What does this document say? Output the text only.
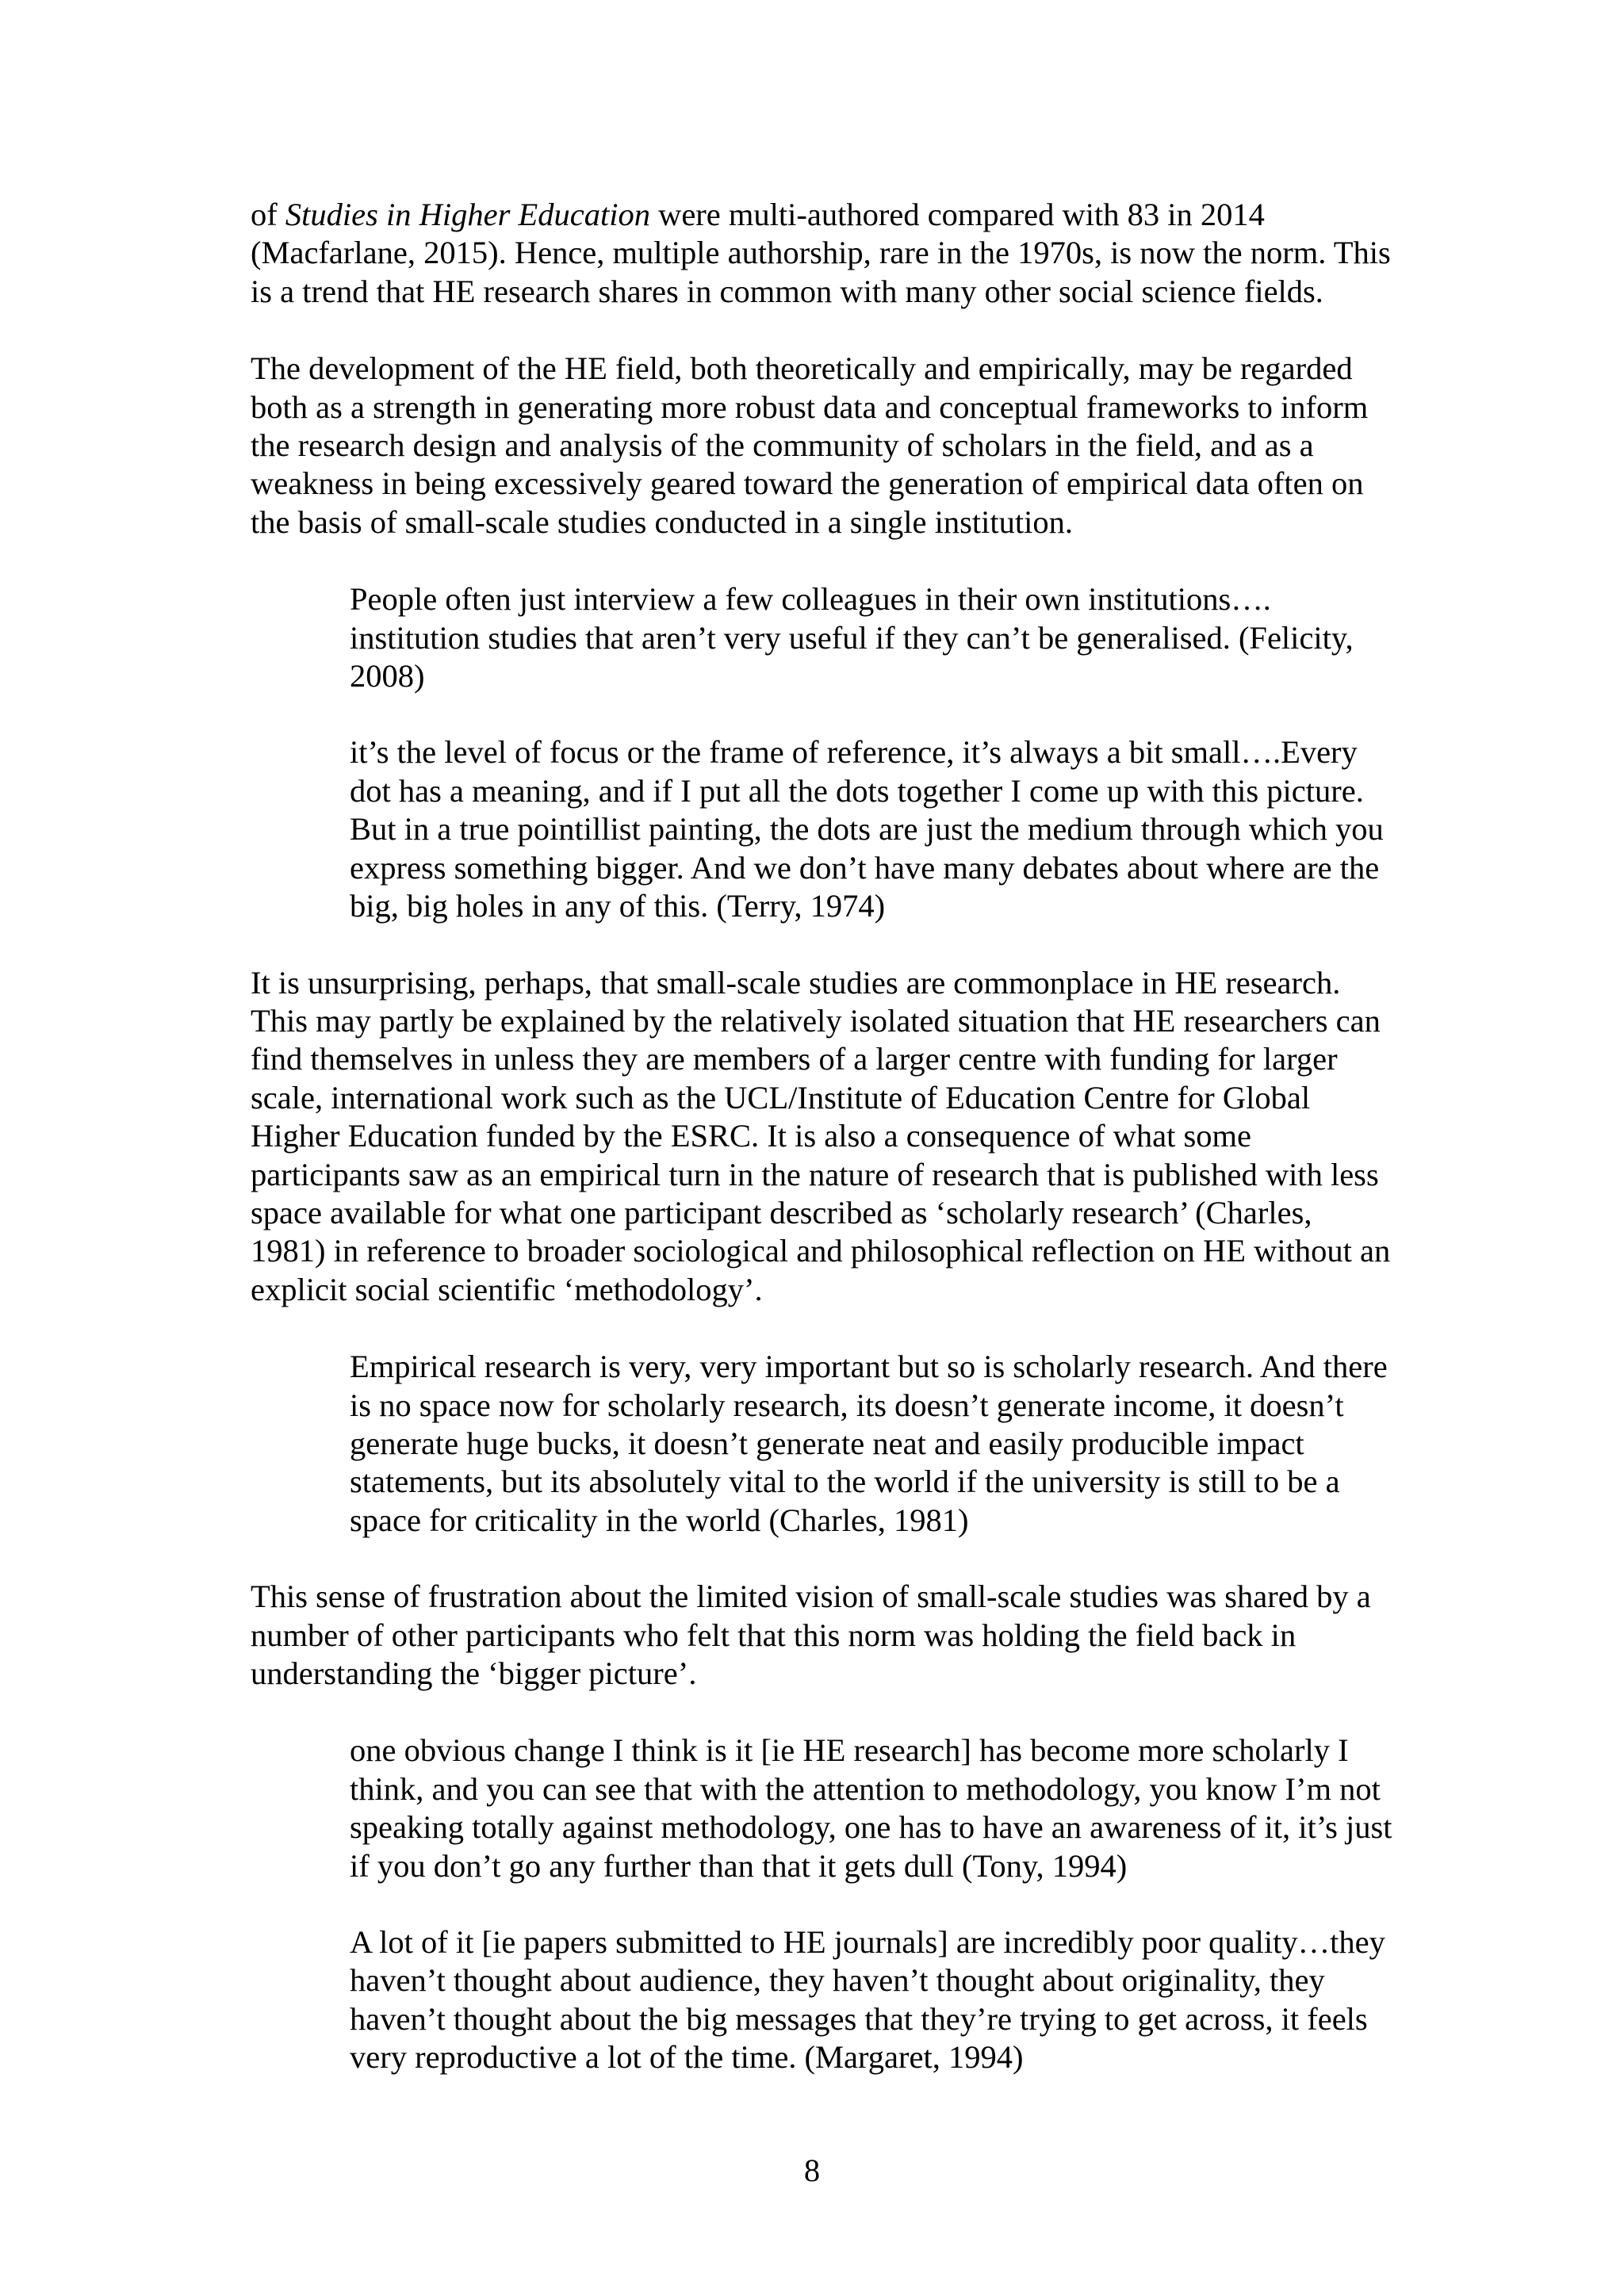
of Studies in Higher Education were multi-authored compared with 83 in 2014 (Macfarlane, 2015). Hence, multiple authorship, rare in the 1970s, is now the norm. This is a trend that HE research shares in common with many other social science fields.

The development of the HE field, both theoretically and empirically, may be regarded both as a strength in generating more robust data and conceptual frameworks to inform the research design and analysis of the community of scholars in the field, and as a weakness in being excessively geared toward the generation of empirical data often on the basis of small-scale studies conducted in a single institution.

People often just interview a few colleagues in their own institutions…. institution studies that aren’t very useful if they can’t be generalised. (Felicity, 2008)

it’s the level of focus or the frame of reference, it’s always a bit small….Every dot has a meaning, and if I put all the dots together I come up with this picture. But in a true pointillist painting, the dots are just the medium through which you express something bigger. And we don’t have many debates about where are the big, big holes in any of this. (Terry, 1974)

It is unsurprising, perhaps, that small-scale studies are commonplace in HE research. This may partly be explained by the relatively isolated situation that HE researchers can find themselves in unless they are members of a larger centre with funding for larger scale, international work such as the UCL/Institute of Education Centre for Global Higher Education funded by the ESRC. It is also a consequence of what some participants saw as an empirical turn in the nature of research that is published with less space available for what one participant described as ‘scholarly research’ (Charles, 1981) in reference to broader sociological and philosophical reflection on HE without an explicit social scientific ‘methodology’.

Empirical research is very, very important but so is scholarly research. And there is no space now for scholarly research, its doesn’t generate income, it doesn’t generate huge bucks, it doesn’t generate neat and easily producible impact statements, but its absolutely vital to the world if the university is still to be a space for criticality in the world (Charles, 1981)

This sense of frustration about the limited vision of small-scale studies was shared by a number of other participants who felt that this norm was holding the field back in understanding the ‘bigger picture’.

one obvious change I think is it [ie HE research] has become more scholarly I think, and you can see that with the attention to methodology, you know I’m not speaking totally against methodology, one has to have an awareness of it, it’s just if you don’t go any further than that it gets dull (Tony, 1994)

A lot of it [ie papers submitted to HE journals] are incredibly poor quality…they haven’t thought about audience, they haven’t thought about originality, they haven’t thought about the big messages that they’re trying to get across, it feels very reproductive a lot of the time. (Margaret, 1994)

8
